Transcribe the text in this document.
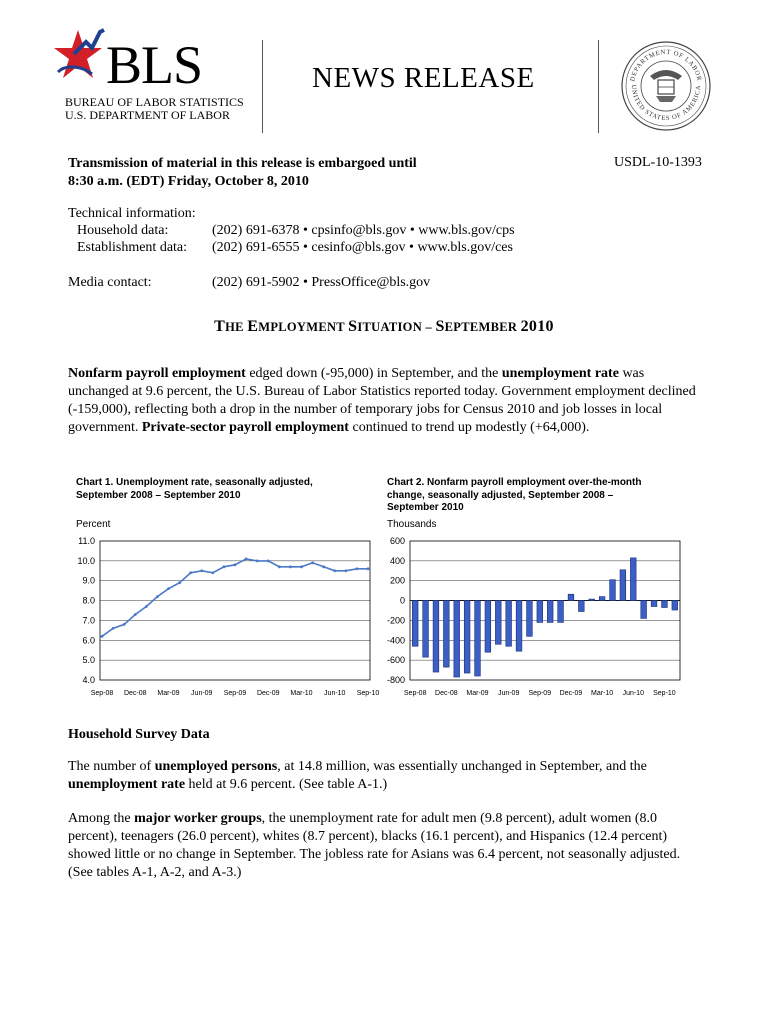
BLS
BUREAU OF LABOR STATISTICS
U.S. DEPARTMENT OF LABOR
NEWS RELEASE	DEPARTMENT OF LABOR
UNITED STATES OF AMERICA
Transmission of material in this release is embargoed until
8:30 a.m. (EDT) Friday, October 8, 2010
USDL-10-1393
Technical information:
Household data:	(202) 691-6378 • cpsinfo@bls.gov • www.bls.gov/cps
Establishment data: (202) 691-6555 • cesinfo@bls.gov • www.bls.gov/ces
Media contact:	(202) 691-5902 • PressOffice@bls.gov
THE EMPLOYMENT SITUATION – SEPTEMBER 2010
Nonfarm payroll employment edged down (-95,000) in September, and the unemployment rate was unchanged at 9.6 percent, the U.S. Bureau of Labor Statistics reported today. Government employment declined (-159,000), reflecting both a drop in the number of temporary jobs for Census 2010 and job losses in local government. Private-sector payroll employment continued to trend up modestly (+64,000).
Chart 1. Unemployment rate, seasonally adjusted,
September 2008 – September 2010
Percent
11.0
10.0
9.0
8.0
7.0
6.0
5.0
4.0
Sep-08 Dec-08 Mar-09 Jun-09 Sep-09 Dec-09 Mar-10 Jun-10 Sep-10
Chart 2. Nonfarm payroll employment over-the-month
change, seasonally adjusted, September 2008 –
September 2010
Thousands
600
400
200
0
-200
-400
-600
-800
Sep-08 Dec-08 Mar-09 Jun-09 Sep-09 Dec-09 Mar-10 Jun-10 Sep-10
Household Survey Data
The number of unemployed persons, at 14.8 million, was essentially unchanged in September, and the unemployment rate held at 9.6 percent. (See table A-1.)
Among the major worker groups, the unemployment rate for adult men (9.8 percent), adult women (8.0 percent), teenagers (26.0 percent), whites (8.7 percent), blacks (16.1 percent), and Hispanics (12.4 percent) showed little or no change in September. The jobless rate for Asians was 6.4 percent, not seasonally adjusted. (See tables A-1, A-2, and A-3.)
